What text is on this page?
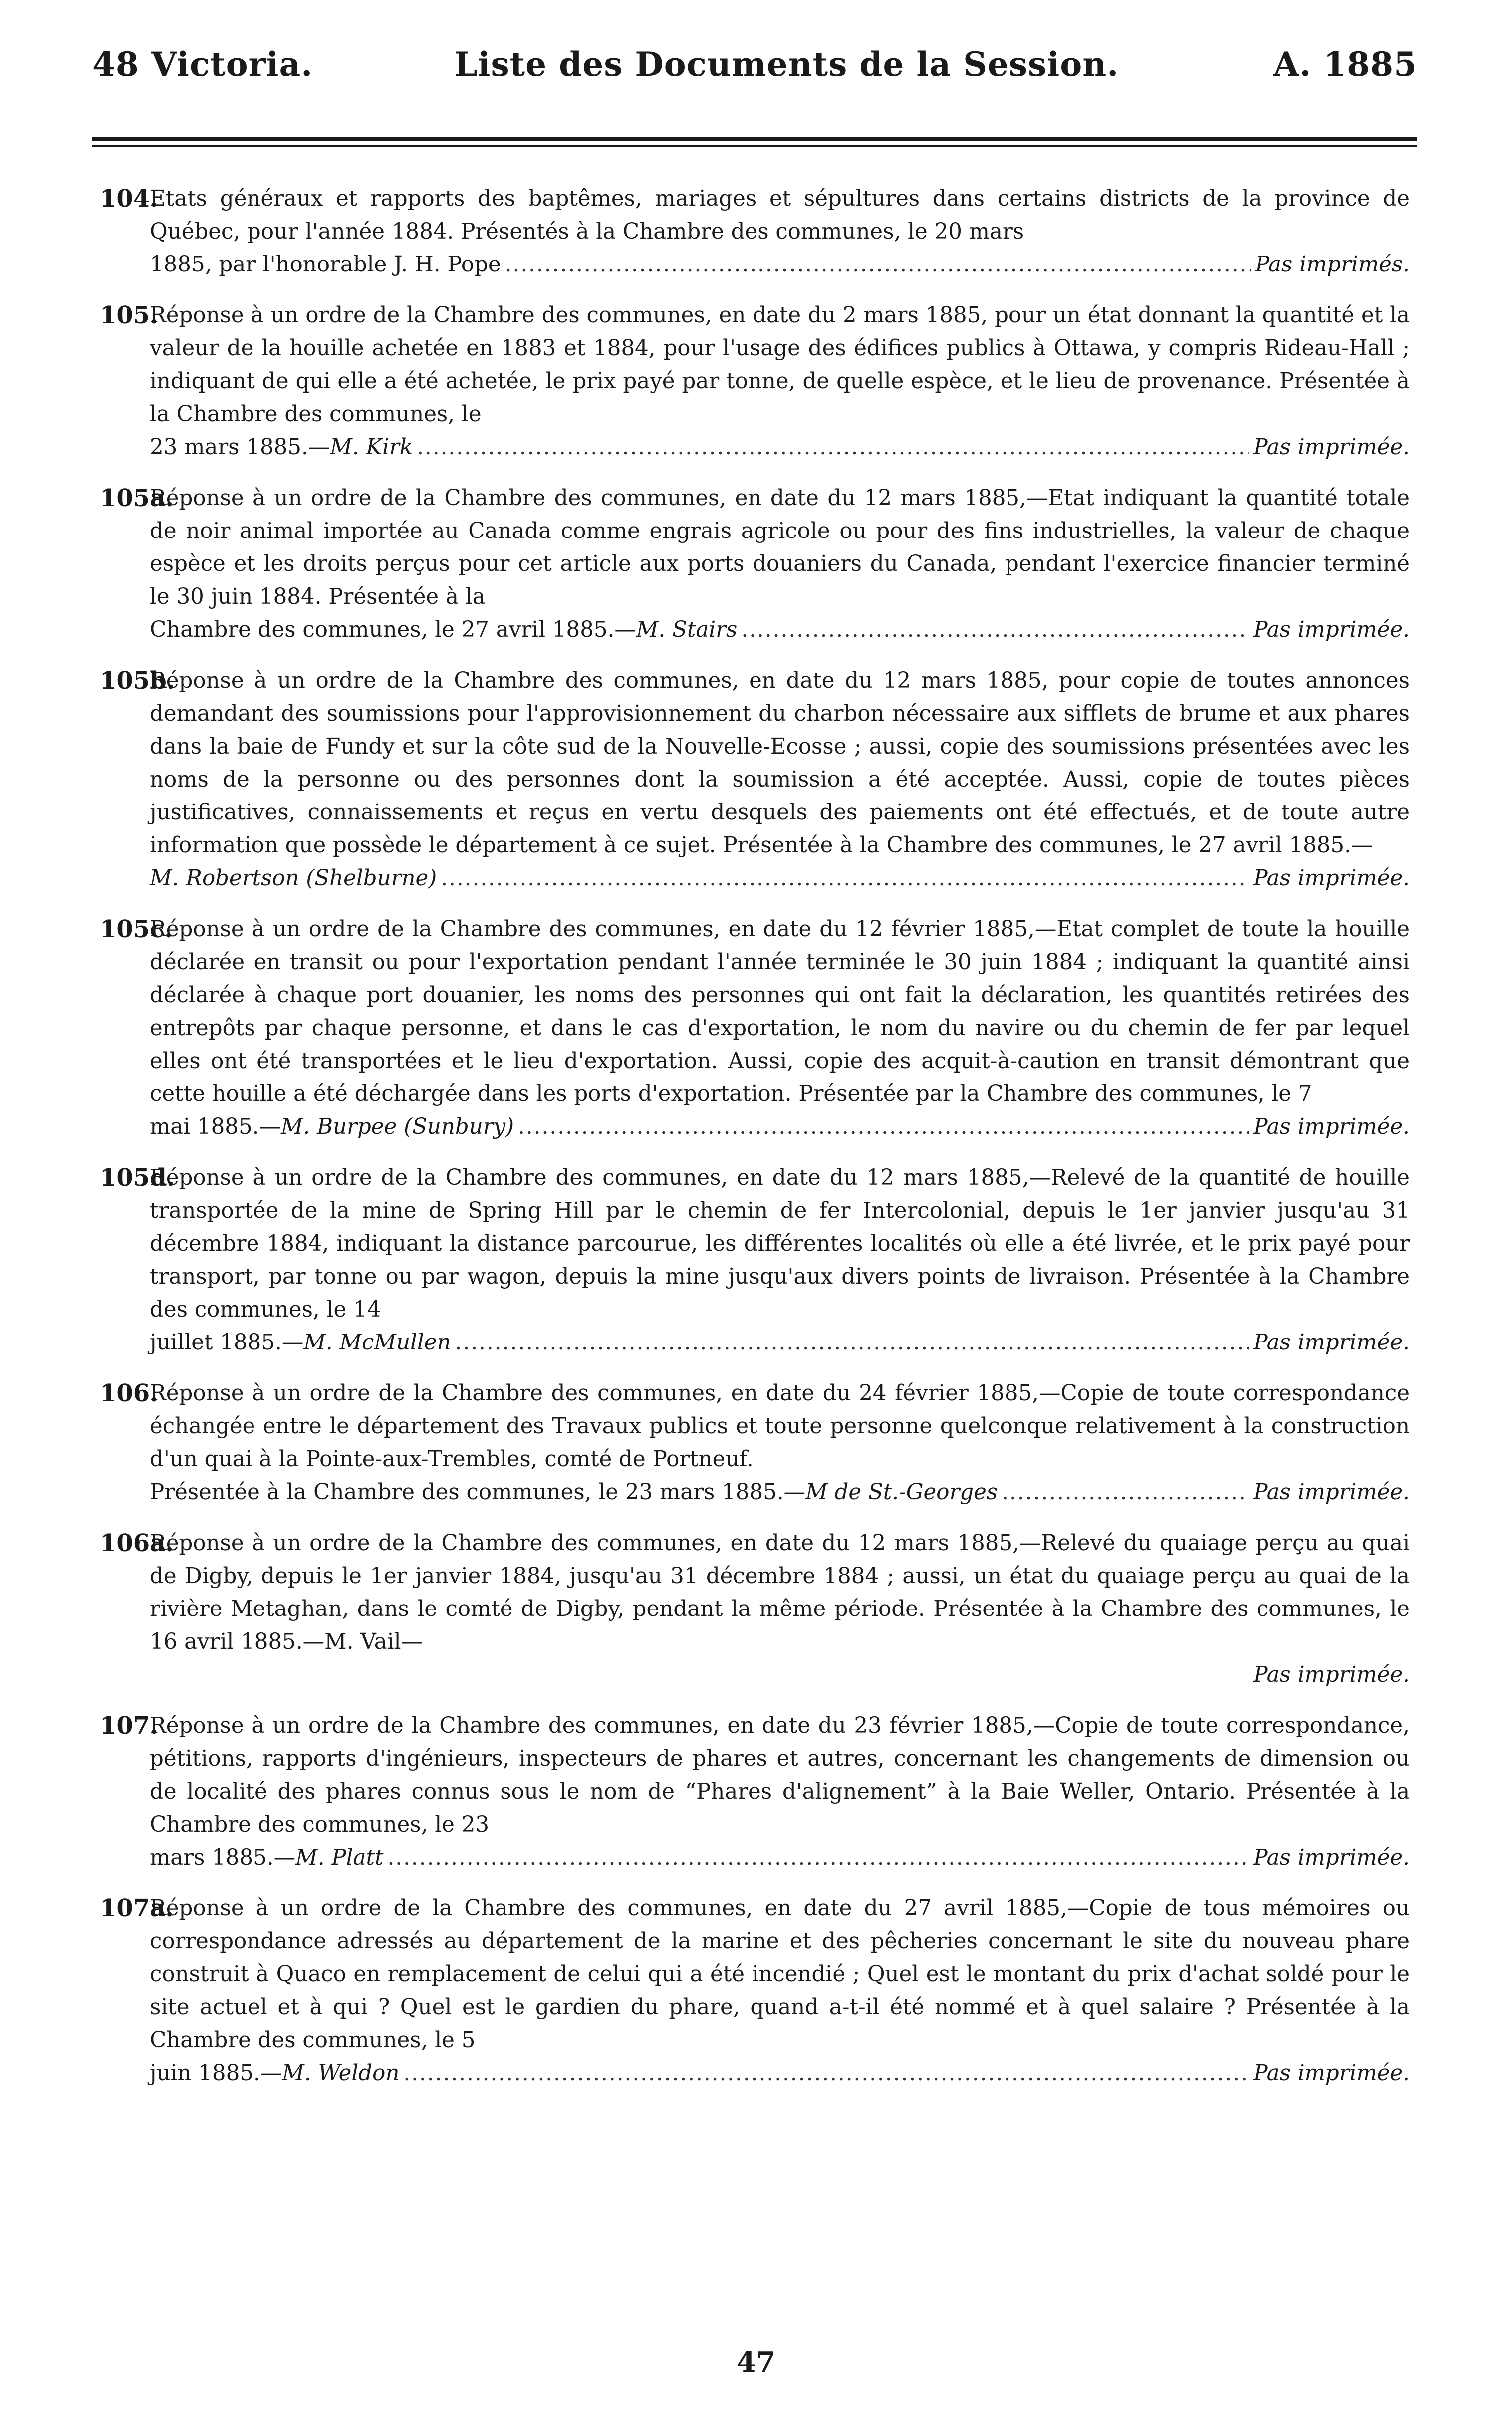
48 Victoria.	Liste des Documents de la Session.	A. 1885
104.
Etats généraux et rapports des baptêmes, mariages et sépultures dans certains districts de la province de Québec, pour l'année 1884. Présentés à la Chambre des communes, le 20 mars
1885, par l'honorable J. H. Pope .....	Pas imprimés.
105.
Réponse à un ordre de la Chambre des communes, en date du 2 mars 1885, pour un état donnant la quantité et la valeur de la houille achetée en 1883 et 1884, pour l'usage des édifices publics à Ottawa, y compris Rideau-Hall ; indiquant de qui elle a été achetée, le prix payé par tonne, de quelle espèce, et le lieu de provenance. Présentée à la Chambre des communes, le
23 mars 1885.— M. Kirk .....	Pas imprimée.
105a.
Réponse à un ordre de la Chambre des communes, en date du 12 mars 1885,—Etat indiquant la quantité totale de noir animal importée au Canada comme engrais agricole ou pour des fins industrielles, la valeur de chaque espèce et les droits perçus pour cet article aux ports douaniers du Canada, pendant l'exercice financier terminé le 30 juin 1884. Présentée à la
Chambre des communes, le 27 avril 1885.— M. Stairs .....	Pas imprimée.
105b.
Réponse à un ordre de la Chambre des communes, en date du 12 mars 1885, pour copie de toutes annonces demandant des soumissions pour l'approvisionnement du charbon nécessaire aux sifflets de brume et aux phares dans la baie de Fundy et sur la côte sud de la Nouvelle-Ecosse ; aussi, copie des soumissions présentées avec les noms de la personne ou des personnes dont la soumission a été acceptée. Aussi, copie de toutes pièces justificatives, connaissements et reçus en vertu desquels des paiements ont été effectués, et de toute autre information que possède le département à ce sujet. Présentée à la Chambre des communes, le 27 avril 1885.—
M. Robertson (Shelburne) .....	Pas imprimée.
105c.
Réponse à un ordre de la Chambre des communes, en date du 12 février 1885,—Etat complet de toute la houille déclarée en transit ou pour l'exportation pendant l'année terminée le 30 juin 1884 ; indiquant la quantité ainsi déclarée à chaque port douanier, les noms des personnes qui ont fait la déclaration, les quantités retirées des entrepôts par chaque personne, et dans le cas d'exportation, le nom du navire ou du chemin de fer par lequel elles ont été transportées et le lieu d'exportation. Aussi, copie des acquit-à-caution en transit démontrant que cette houille a été déchargée dans les ports d'exportation. Présentée par la Chambre des communes, le 7
mai 1885.— M. Burpee (Sunbury) .....	Pas imprimée.
105d.
Réponse à un ordre de la Chambre des communes, en date du 12 mars 1885,—Relevé de la quantité de houille transportée de la mine de Spring Hill par le chemin de fer Intercolonial, depuis le 1er janvier jusqu'au 31 décembre 1884, indiquant la distance parcourue, les différentes localités où elle a été livrée, et le prix payé pour transport, par tonne ou par wagon, depuis la mine jusqu'aux divers points de livraison. Présentée à la Chambre des communes, le 14
juillet 1885.— M. McMullen .....	Pas imprimée.
106.
Réponse à un ordre de la Chambre des communes, en date du 24 février 1885,—Copie de toute correspondance échangée entre le département des Travaux publics et toute personne quelconque relativement à la construction d'un quai à la Pointe-aux-Trembles, comté de Portneuf.
Présentée à la Chambre des communes, le 23 mars 1885.— M de St.-Georges .....	Pas imprimée.
106a.
Réponse à un ordre de la Chambre des communes, en date du 12 mars 1885,—Relevé du quaiage perçu au quai de Digby, depuis le 1er janvier 1884, jusqu'au 31 décembre 1884 ; aussi, un état du quaiage perçu au quai de la rivière Metaghan, dans le comté de Digby, pendant la même période. Présentée à la Chambre des communes, le 16 avril 1885.—M. Vail—
Pas imprimée.
107.
Réponse à un ordre de la Chambre des communes, en date du 23 février 1885,—Copie de toute correspondance, pétitions, rapports d'ingénieurs, inspecteurs de phares et autres, concernant les changements de dimension ou de localité des phares connus sous le nom de “Phares d'alignement” à la Baie Weller, Ontario. Présentée à la Chambre des communes, le 23
mars 1885.— M. Platt .....	Pas imprimée.
107a.
Réponse à un ordre de la Chambre des communes, en date du 27 avril 1885,—Copie de tous mémoires ou correspondance adressés au département de la marine et des pêcheries concernant le site du nouveau phare construit à Quaco en remplacement de celui qui a été incendié ; Quel est le montant du prix d'achat soldé pour le site actuel et à qui ? Quel est le gardien du phare, quand a-t-il été nommé et à quel salaire ? Présentée à la Chambre des communes, le 5
juin 1885.— M. Weldon .....	Pas imprimée.
47
